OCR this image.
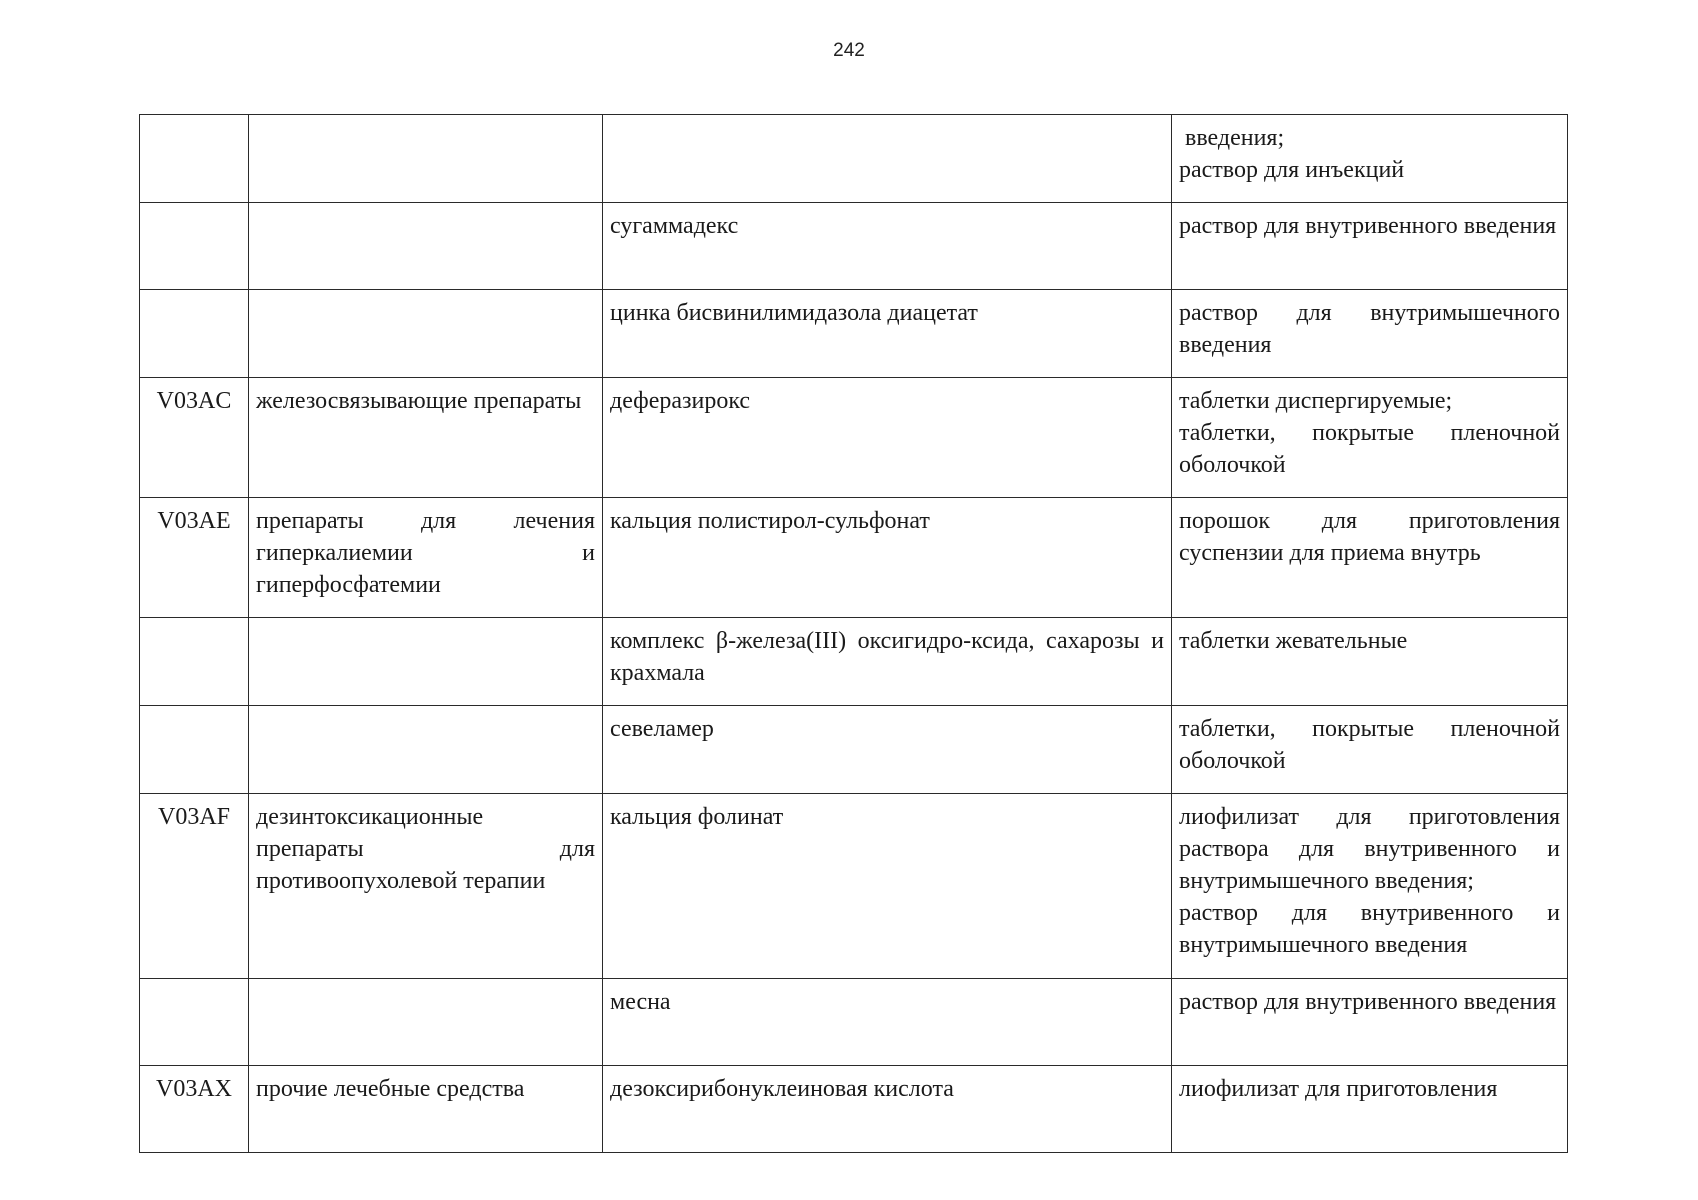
242

			введения;
раствор для инъекций

		сугаммадекс	раствор для внутривенного введения

		цинка бисвинилимидазола диацетат	раствор для внутримышечного введения

V03AC	железосвязывающие препараты	деферазирокс	таблетки диспергируемые;
таблетки, покрытые пленочной оболочкой

V03AE	препараты для лечения гиперкалиемии и гиперфосфатемии	кальция полистирол-сульфонат	порошок для приготовления суспензии для приема внутрь

		комплекс β-железа(III) оксигидро-ксида, сахарозы и крахмала	таблетки жевательные

		севеламер	таблетки, покрытые пленочной оболочкой

V03AF	дезинтоксикационные препараты для противоопухолевой терапии	кальция фолинат	лиофилизат для приготовления раствора для внутривенного и внутримышечного введения;
раствор для внутривенного и внутримышечного введения

		месна	раствор для внутривенного введения

V03AX	прочие лечебные средства	дезоксирибонуклеиновая кислота	лиофилизат для приготовления
